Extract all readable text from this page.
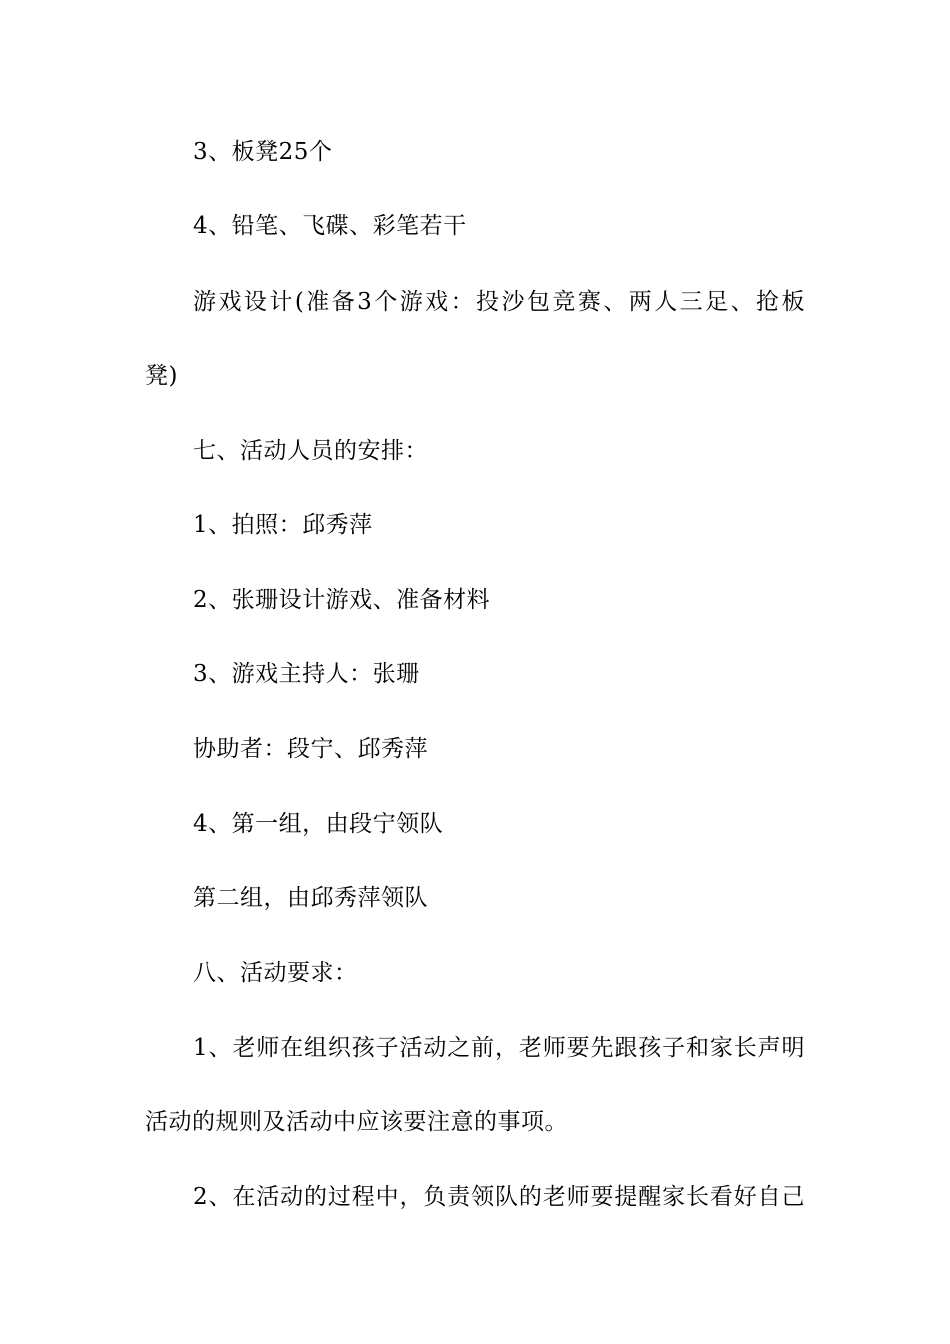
3、板凳25个
4、铅笔、飞碟、彩笔若干
游戏设计(准备3个游戏：投沙包竞赛、两人三足、抢板
凳)
七、活动人员的安排：
1、拍照：邱秀萍
2、张珊设计游戏、准备材料
3、游戏主持人：张珊
协助者：段宁、邱秀萍
4、第一组，由段宁领队
第二组，由邱秀萍领队
八、活动要求：
1、老师在组织孩子活动之前，老师要先跟孩子和家长声明
活动的规则及活动中应该要注意的事项。
2、在活动的过程中，负责领队的老师要提醒家长看好自己
